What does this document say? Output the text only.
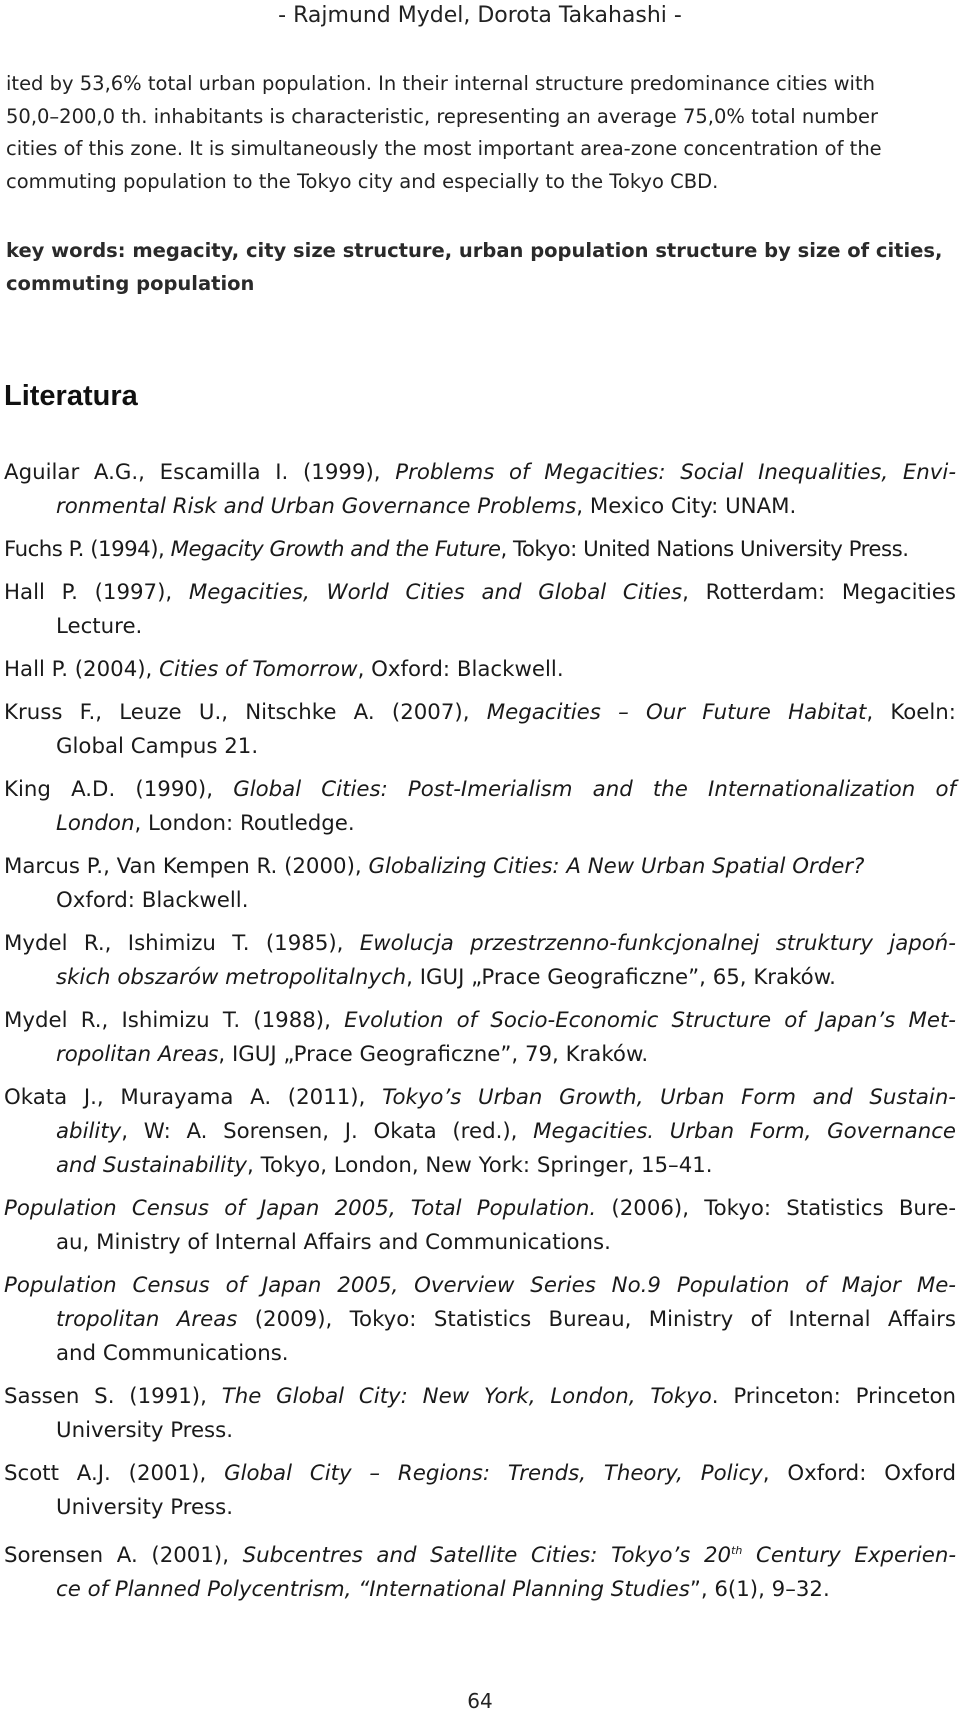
- Rajmund Mydel, Dorota Takahashi -
ited by 53,6% total urban population. In their internal structure predominance cities with
50,0–200,0 th. inhabitants is characteristic, representing an average 75,0% total number
cities of this zone. It is simultaneously the most important area-zone concentration of the
commuting population to the Tokyo city and especially to the Tokyo CBD.
key words: megacity, city size structure, urban population structure by size of cities,
commuting population
Literatura
Aguilar A.G., Escamilla I. (1999), Problems of Megacities: Social Inequalities, Envi-
ronmental Risk and Urban Governance Problems, Mexico City: UNAM.
Fuchs P. (1994), Megacity Growth and the Future, Tokyo: United Nations University Press.
Hall P. (1997), Megacities, World Cities and Global Cities, Rotterdam: Megacities
Lecture.
Hall P. (2004), Cities of Tomorrow, Oxford: Blackwell.
Kruss F., Leuze U., Nitschke A. (2007), Megacities – Our Future Habitat, Koeln:
Global Campus 21.
King A.D. (1990), Global Cities: Post-Imerialism and the Internationalization of
London, London: Routledge.
Marcus P., Van Kempen R. (2000), Globalizing Cities: A New Urban Spatial Order?
Oxford: Blackwell.
Mydel R., Ishimizu T. (1985), Ewolucja przestrzenno-funkcjonalnej struktury japoń-
skich obszarów metropolitalnych, IGUJ „Prace Geograficzne”, 65, Kraków.
Mydel R., Ishimizu T. (1988), Evolution of Socio-Economic Structure of Japan’s Met-
ropolitan Areas, IGUJ „Prace Geograficzne”, 79, Kraków.
Okata J., Murayama A. (2011), Tokyo’s Urban Growth, Urban Form and Sustain-
ability, W: A. Sorensen, J. Okata (red.), Megacities. Urban Form, Governance
and Sustainability, Tokyo, London, New York: Springer, 15–41.
Population Census of Japan 2005, Total Population. (2006), Tokyo: Statistics Bure-
au, Ministry of Internal Affairs and Communications.
Population Census of Japan 2005, Overview Series No.9 Population of Major Me-
tropolitan Areas (2009), Tokyo: Statistics Bureau, Ministry of Internal Affairs
and Communications.
Sassen S. (1991), The Global City: New York, London, Tokyo. Princeton: Princeton
University Press.
Scott A.J. (2001), Global City – Regions: Trends, Theory, Policy, Oxford: Oxford
University Press.
Sorensen A. (2001), Subcentres and Satellite Cities: Tokyo’s 20th Century Experien-
ce of Planned Polycentrism, “International Planning Studies”, 6(1), 9–32.
64
